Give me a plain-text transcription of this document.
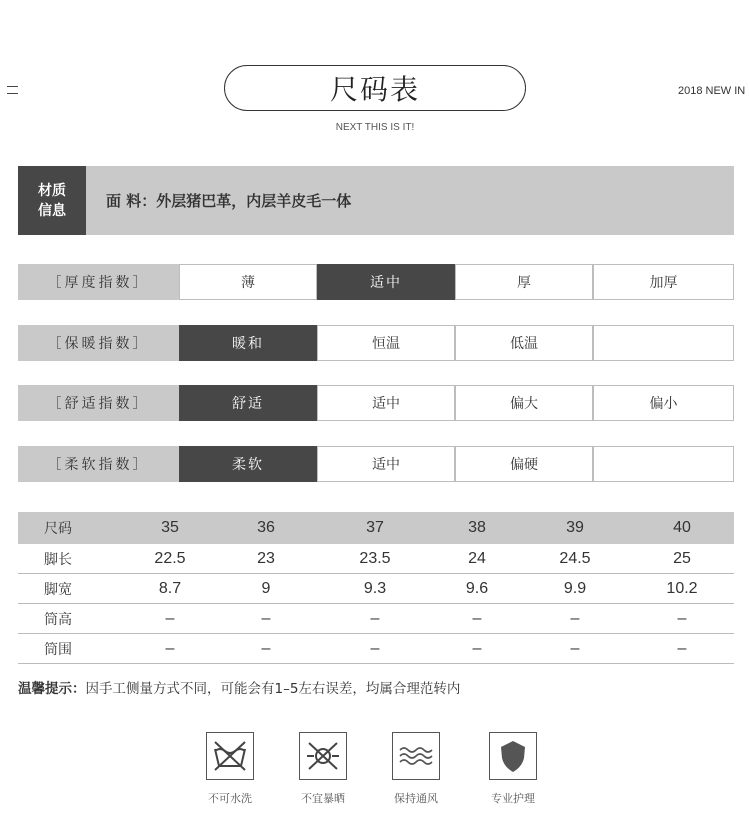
尺码表
NEXT THIS IS IT!
2018 NEW IN
材质
信息
面 料：外层猪巴革，内层羊皮毛一体
［厚度指数］	薄	适中	厚	加厚
［保暖指数］	暖和	恒温	低温
［舒适指数］	舒适	适中	偏大	偏小
［柔软指数］	柔软	适中	偏硬
尺码	35	36	37	38	39	40
脚长	22.5	23	23.5	24	24.5	25
脚宽	8.7	9	9.3	9.6	9.9	10.2
筒高	–	–	–	–	–	–
筒围	–	–	–	–	–	–
温馨提示：因手工侧量方式不同，可能会有1–5左右误差，均属合理范转内
不可水洗	不宜暴晒	保持通风	专业护理
